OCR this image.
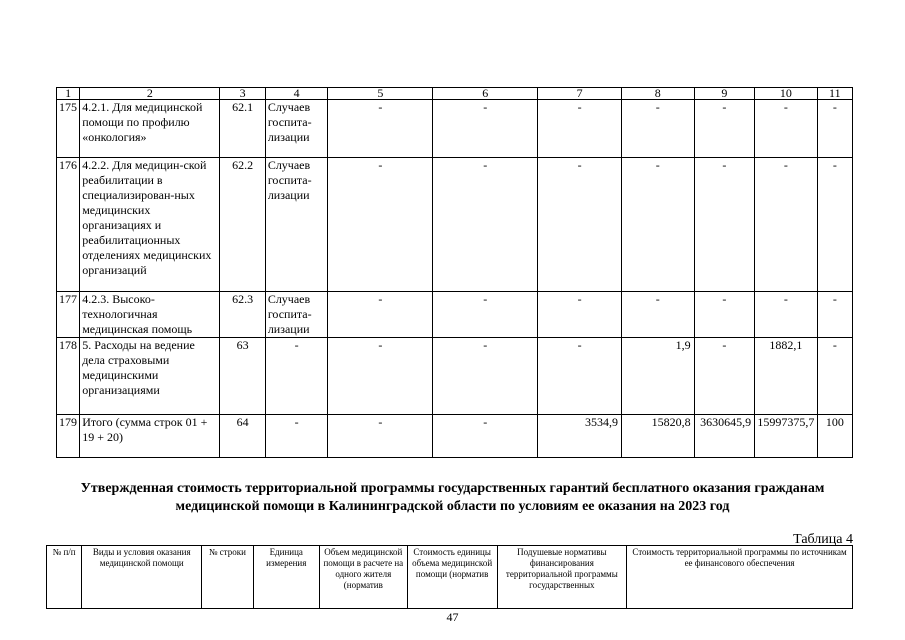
1	2	3	4	5	6	7	8	9	10	11
175	4.2.1. Для медицинской помощи по профилю «онкология»	62.1	Случаев госпита-лизации	-	-	-	-	-	-	-
176	4.2.2. Для медицин-ской реабилитации в специализирован-ных медицинских организациях и реабилитационных отделениях медицинских организаций	62.2	Случаев госпита-лизации	-	-	-	-	-	-	-
177	4.2.3. Высоко-технологичная медицинская помощь	62.3	Случаев госпита-лизации	-	-	-	-	-	-	-
178	5. Расходы на ведение дела страховыми медицинскими организациями	63	-	-	-	-	1,9	-	1882,1	-
179	Итого (сумма строк 01 + 19 + 20)	64	-	-	-	3534,9	15820,8	3630645,9	15997375,7	100
Утвержденная стоимость территориальной программы государственных гарантий бесплатного оказания гражданам медицинской помощи в Калининградской области по условиям ее оказания на 2023 год
Таблица 4
№ п/п	Виды и условия оказания медицинской помощи	№ строки	Единица измерения	Объем медицинской помощи в расчете на одного жителя (норматив	Стоимость единицы объема медицинской помощи (норматив	Подушевые нормативы финансирования территориальной программы государственных	Стоимость территориальной программы по источникам ее финансового обеспечения
47
